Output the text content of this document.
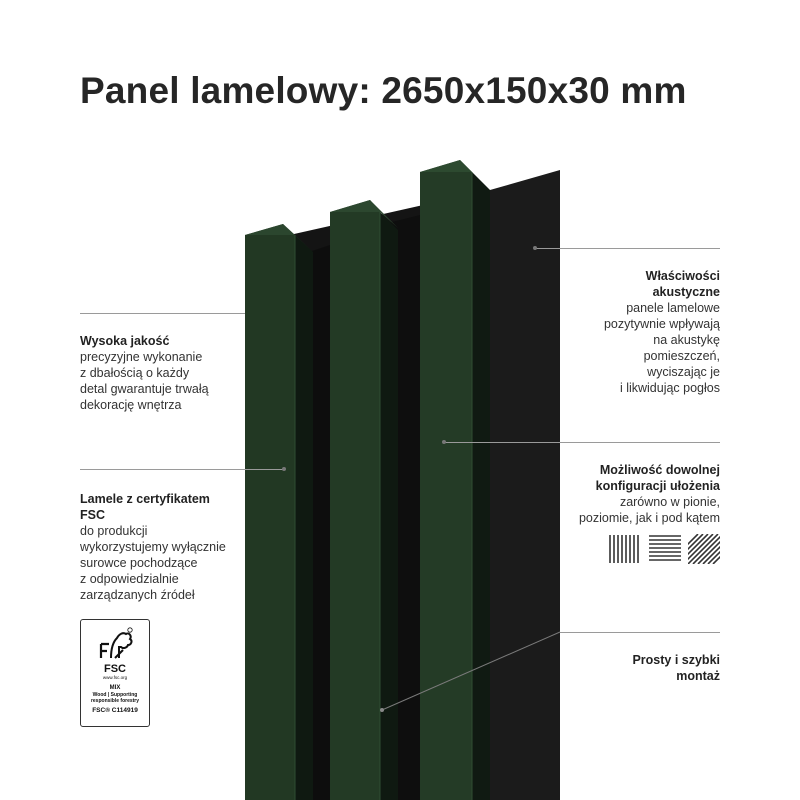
Panel lamelowy: 2650x150x30 mm
Wysoka jakość
precyzyjne wykonanie
z dbałością o każdy
detal gwarantuje trwałą
dekorację wnętrza
Lamele z certyfikatem
FSC
do produkcji
wykorzystujemy wyłącznie
surowce pochodzące
z odpowiedzialnie
zarządzanych źródeł
FSC
www.fsc.org
MIX
Wood | Supporting
responsible forestry
FSC® C114919
Właściwości
akustyczne
panele lamelowe
pozytywnie wpływają
na akustykę
pomieszczeń,
wyciszając je
i likwidując pogłos
Możliwość dowolnej
konfiguracji ułożenia
zarówno w pionie,
poziomie, jak i pod kątem
Prosty i szybki
montaż
